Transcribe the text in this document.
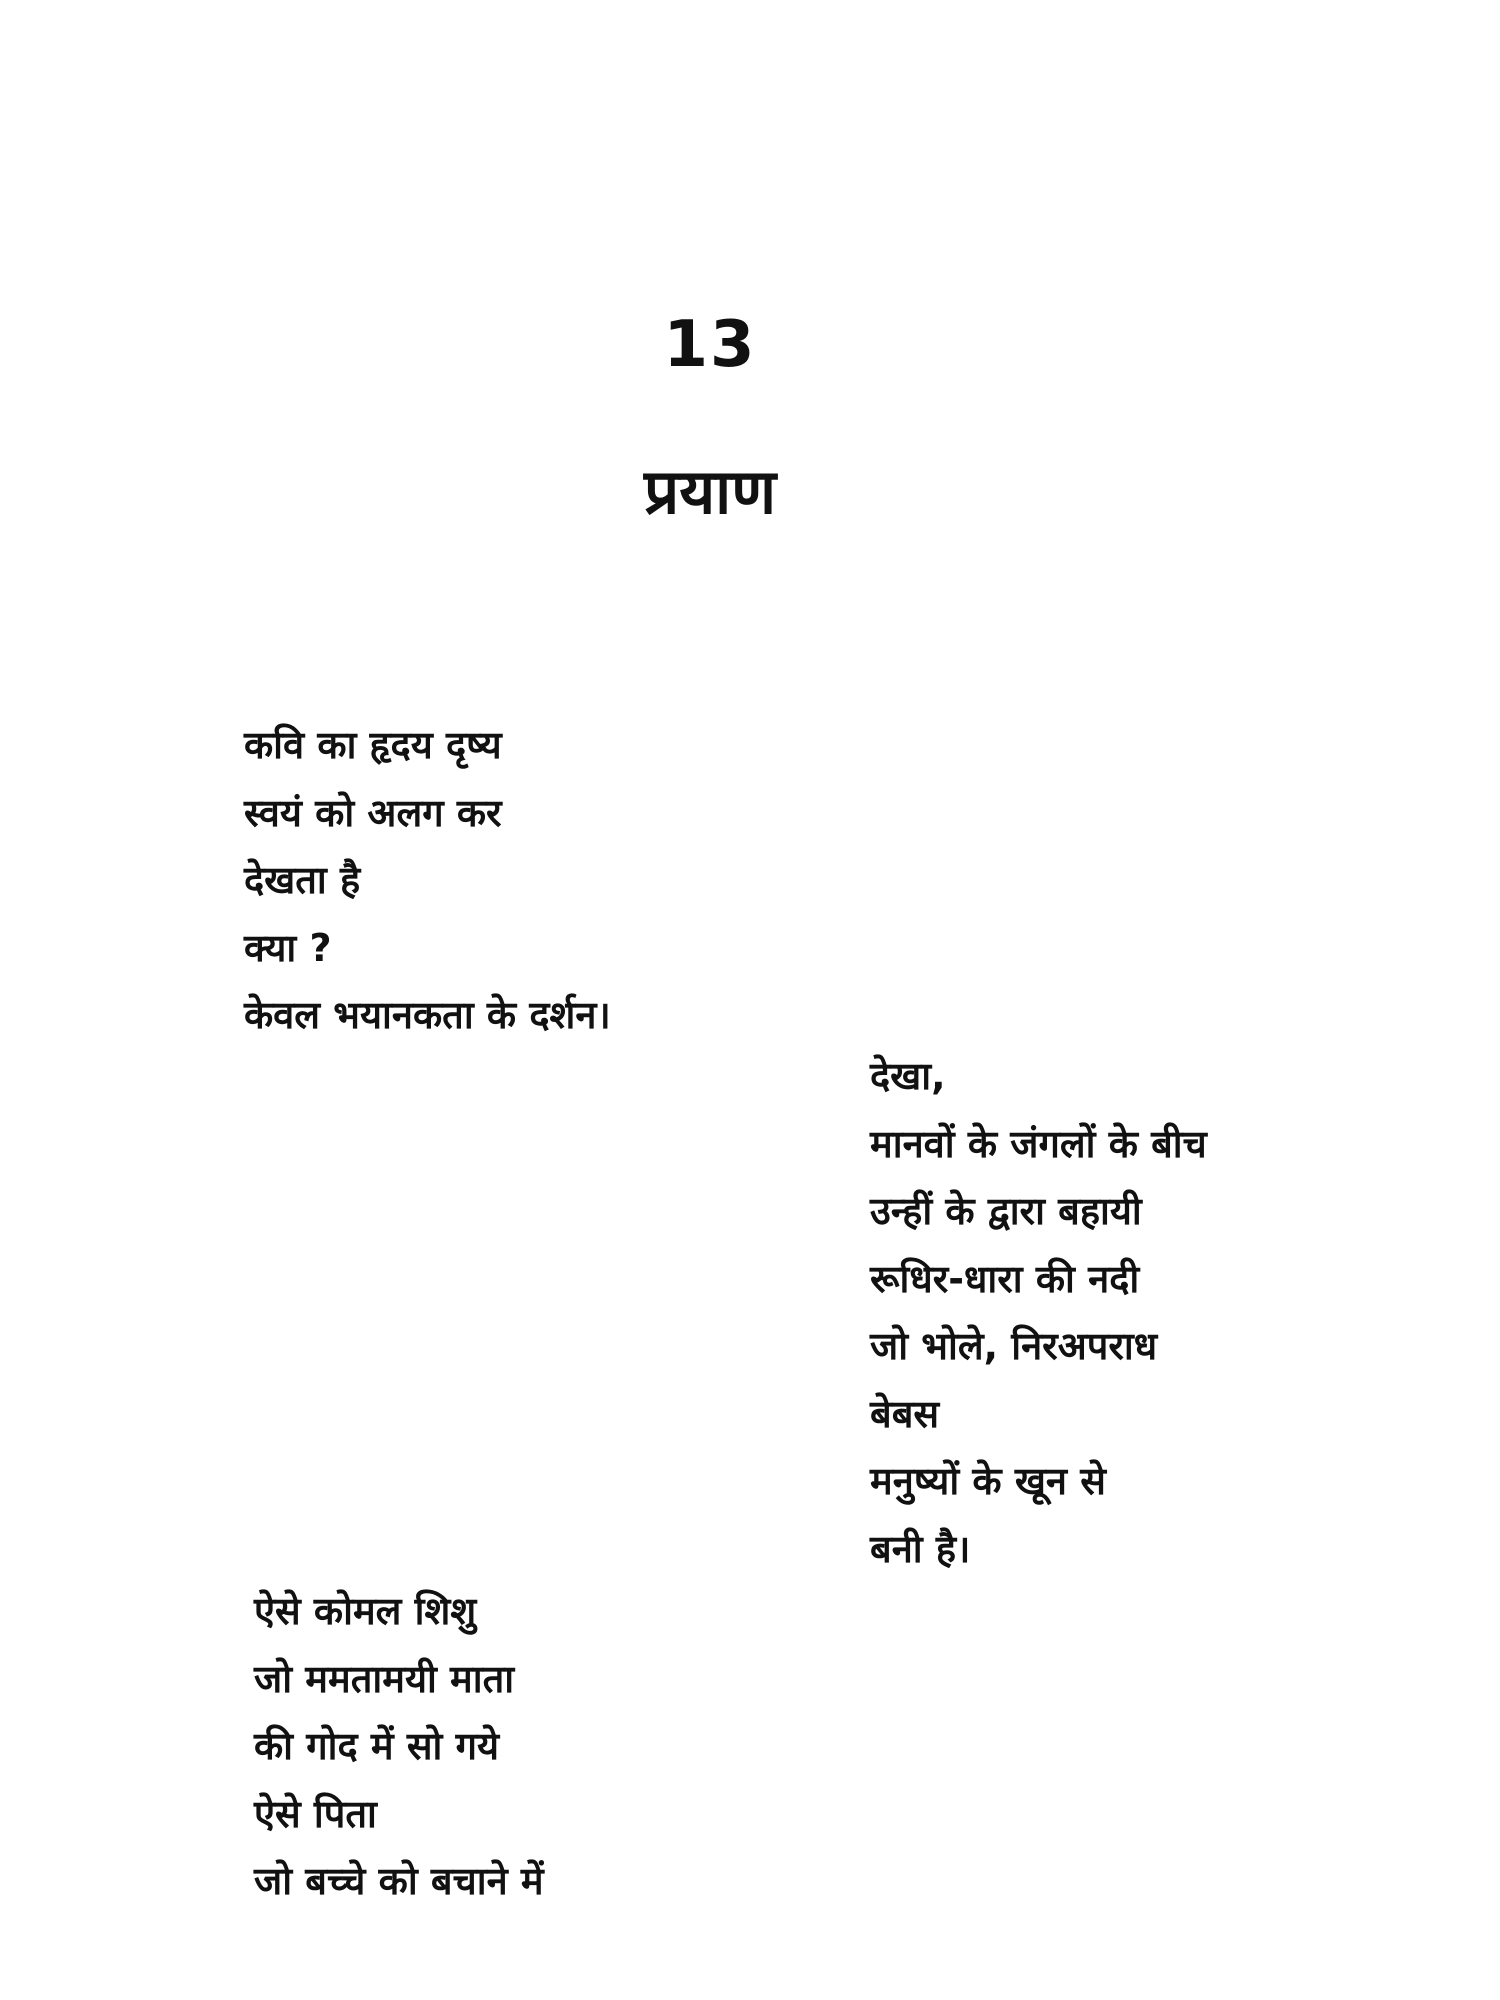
13
प्रयाण
कवि का हृदय दृष्य
स्वयं को अलग कर
देखता है
क्या ?
केवल भयानकता के दर्शन।
देखा,
मानवों के जंगलों के बीच
उन्हीं के द्वारा बहायी
रूधिर-धारा की नदी
जो भोले, निरअपराध
बेबस
मनुष्यों के खून से
बनी है।
ऐसे कोमल शिशु
जो ममतामयी माता
की गोद में सो गये
ऐसे पिता
जो बच्चे को बचाने में
